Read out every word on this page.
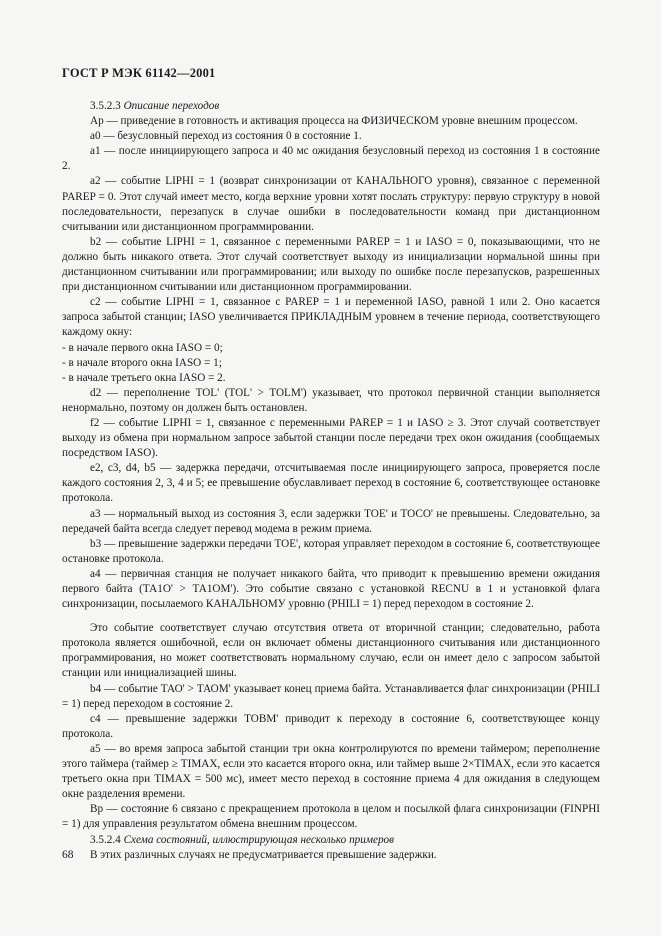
ГОСТ Р МЭК 61142—2001

3.5.2.3 Описание переходов

Ар — приведение в готовность и активация процесса на ФИЗИЧЕСКОМ уровне внешним процессом.

а0 — безусловный переход из состояния 0 в состояние 1.

а1 — после инициирующего запроса и 40 мс ожидания безусловный переход из состояния 1 в состояние 2.

а2 — событие LIPHI = 1 (возврат синхронизации от КАНАЛЬНОГО уровня), связанное с переменной PAREP = 0. Этот случай имеет место, когда верхние уровни хотят послать структуру: первую структуру в новой последовательности, перезапуск в случае ошибки в последовательности команд при дистанционном считывании или дистанционном программировании.

b2 — событие LIPHI = 1, связанное с переменными PAREP = 1 и IASO = 0, показывающими, что не должно быть никакого ответа. Этот случай соответствует выходу из инициализации нормальной шины при дистанционном считывании или программировании; или выходу по ошибке после перезапусков, разрешенных при дистанционном считывании или дистанционном программировании.

с2 — событие LIPHI = 1, связанное с PAREP = 1 и переменной IASO, равной 1 или 2. Оно касается запроса забытой станции; IASO увеличивается ПРИКЛАДНЫМ уровнем в течение периода, соответствующего каждому окну:

- в начале первого окна IASO = 0;

- в начале второго окна IASO = 1;

- в начале третьего окна IASO = 2.

d2 — переполнение TOL' (TOL' > TOLM') указывает, что протокол первичной станции выполняется ненормально, поэтому он должен быть остановлен.

f2 — событие LIPHI = 1, связанное с переменными PAREP = 1 и IASO ≥ 3. Этот случай соответствует выходу из обмена при нормальном запросе забытой станции после передачи трех окон ожидания (сообщаемых посредством IASO).

е2, с3, d4, b5 — задержка передачи, отсчитываемая после инициирующего запроса, проверяется после каждого состояния 2, 3, 4 и 5; ее превышение обуславливает переход в состояние 6, соответствующее остановке протокола.

а3 — нормальный выход из состояния 3, если задержки ТОЕ' и ТОСО' не превышены. Следовательно, за передачей байта всегда следует перевод модема в режим приема.

b3 — превышение задержки передачи ТОЕ', которая управляет переходом в состояние 6, соответствующее остановке протокола.

а4 — первичная станция не получает никакого байта, что приводит к превышению времени ожидания первого байта (ТА1О' > ТА1ОМ'). Это событие связано с установкой RECNU в 1 и установкой флага синхронизации, посылаемого КАНАЛЬНОМУ уровню (PHILI = 1) перед переходом в состояние 2.

Это событие соответствует случаю отсутствия ответа от вторичной станции; следовательно, работа протокола является ошибочной, если он включает обмены дистанционного считывания или дистанционного программирования, но может соответствовать нормальному случаю, если он имеет дело с запросом забытой станции или инициализацией шины.

b4 — событие ТАО' > ТАОМ' указывает конец приема байта. Устанавливается флаг синхронизации (PHILI = 1) перед переходом в состояние 2.

с4 — превышение задержки TOBM' приводит к переходу в состояние 6, соответствующее концу протокола.

а5 — во время запроса забытой станции три окна контролируются по времени таймером; переполнение этого таймера (таймер ≥ TIMAX, если это касается второго окна, или таймер выше 2×TIMAX, если это касается третьего окна при TIMAX = 500 мс), имеет место переход в состояние приема 4 для ожидания в следующем окне разделения времени.

Вр — состояние 6 связано с прекращением протокола в целом и посылкой флага синхронизации (FINPHI = 1) для управления результатом обмена внешним процессом.

3.5.2.4 Схема состояний, иллюстрирующая несколько примеров

В этих различных случаях не предусматривается превышение задержки.

68
